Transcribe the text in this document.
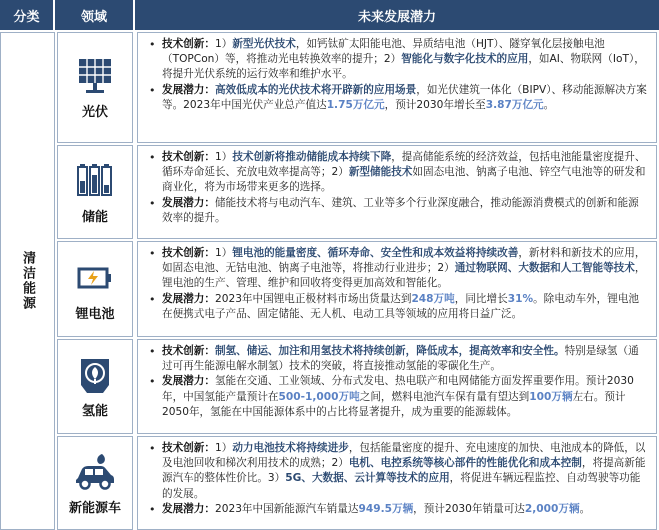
分类	领域	未来发展潜力
清洁能源
光伏

• 技术创新：1）新型光伏技术，如钙钛矿太阳能电池、异质结电池（HJT）、隧穿氧化层接触电池（TOPCon）等，将推动光电转换效率的提升；2）智能化与数字化技术的应用，如AI、物联网（IoT），将提升光伏系统的运行效率和维护水平。

• 发展潜力：高效低成本的光伏技术将开辟新的应用场景，如光伏建筑一体化（BIPV）、移动能源解决方案等。2023年中国光伏产业总产值达1.75万亿元，预计2030年增长至3.87万亿元。

储能

• 技术创新：1）技术创新将推动储能成本持续下降，提高储能系统的经济效益，包括电池能量密度提升、循环寿命延长、充放电效率提高等；2）新型储能技术如固态电池、钠离子电池、锌空气电池等的研发和商业化，将为市场带来更多的选择。

• 发展潜力：储能技术将与电动汽车、建筑、工业等多个行业深度融合，推动能源消费模式的创新和能源效率的提升。

锂电池

• 技术创新：1）锂电池的能量密度、循环寿命、安全性和成本效益将持续改善，新材料和新技术的应用，如固态电池、无钴电池、钠离子电池等，将推动行业进步；2）通过物联网、大数据和人工智能等技术，锂电池的生产、管理、维护和回收将变得更加高效和智能化。

• 发展潜力：2023年中国锂电正极材料市场出货量达到248万吨，同比增长31%。除电动车外，锂电池在便携式电子产品、固定储能、无人机、电动工具等领域的应用将日益广泛。

氢能

• 技术创新：制氢、储运、加注和用氢技术将持续创新，降低成本，提高效率和安全性。特别是绿氢（通过可再生能源电解水制氢）技术的突破，将直接推动氢能的零碳化生产。

• 发展潜力：氢能在交通、工业领域、分布式发电、热电联产和电网储能方面发挥重要作用。预计2030年，中国氢能产量预计在500-1,000万吨之间，燃料电池汽车保有量有望达到100万辆左右。预计2050年，氢能在中国能源体系中的占比将显著提升，成为重要的能源载体。

新能源车

• 技术创新：1）动力电池技术将持续进步，包括能量密度的提升、充电速度的加快、电池成本的降低，以及电池回收和梯次利用技术的成熟；2）电机、电控系统等核心部件的性能优化和成本控制，将提高新能源汽车的整体性价比。3）5G、大数据、云计算等技术的应用，将促进车辆远程监控、自动驾驶等功能的发展。

• 发展潜力：2023年中国新能源汽车销量达949.5万辆，预计2030年销量可达2,000万辆。
